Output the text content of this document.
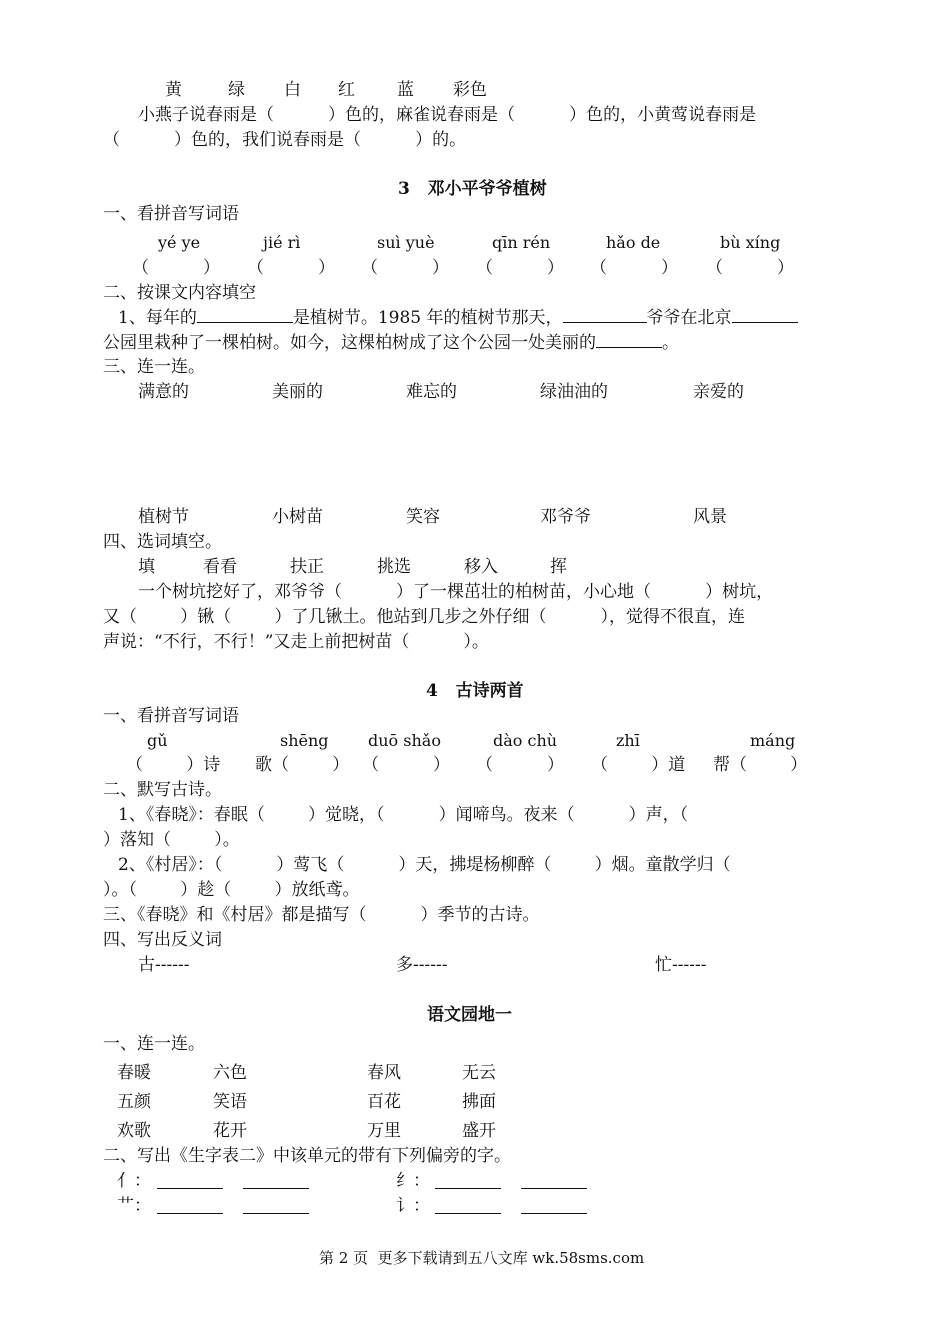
黄	绿 白 红 蓝 彩色
小燕子说春雨是（          ）色的，麻雀说春雨是（          ）色的，小黄莺说春雨是
（          ）色的，我们说春雨是（          ）的。
3   邓小平爷爷植树
一、看拼音写词语
yé ye	jié rì	suì yuè	qīn rén	hǎo de	bù xíng
（          ） （          ） （          ） （          ） （          ） （          ）
二、按课文内容填空
1、每年的	是植树节。1985 年的植树节那天，	爷爷在北京
公园里栽种了一棵柏树。如今，这棵柏树成了这个公园一处美丽的	。
三、连一连。
满意的	美丽的	难忘的	绿油油的	亲爱的
植树节	小树苗	笑容	邓爷爷	风景
四、选词填空。
填	看看	扶正	挑选	移入	挥
一个树坑挖好了，邓爷爷（          ）了一棵茁壮的柏树苗，小心地（          ）树坑，
又（        ）锹（        ）了几锹土。他站到几步之外仔细（          ），觉得不很直，连
声说：“不行，不行！”又走上前把树苗（          ）。
4   古诗两首
一、看拼音写词语
gǔ	shēng duō shǎo	dào chù	zhī	máng
（        ）诗 歌（        ） （          ） （          ） （        ）道 帮（        ）
二、默写古诗。
1、《春晓》：春眠（        ）觉晓，（          ）闻啼鸟。夜来（          ）声，（
）落知（        ）。
2、《村居》：（          ）莺飞（          ）天，拂堤杨柳醉（        ）烟。童散学归（
）。（        ）趁（        ）放纸鸢。
三、《春晓》和《村居》都是描写（          ）季节的古诗。
四、写出反义词
古------	多------	忙------
语文园地一
一、连一连。
春暖	六色	春风	无云
五颜	笑语	百花	拂面
欢歌	花开	万里	盛开
二、写出《生字表二》中该单元的带有下列偏旁的字。
亻：	纟：
艹：	讠：
第 2 页  更多下载请到五八文库 wk.58sms.com
